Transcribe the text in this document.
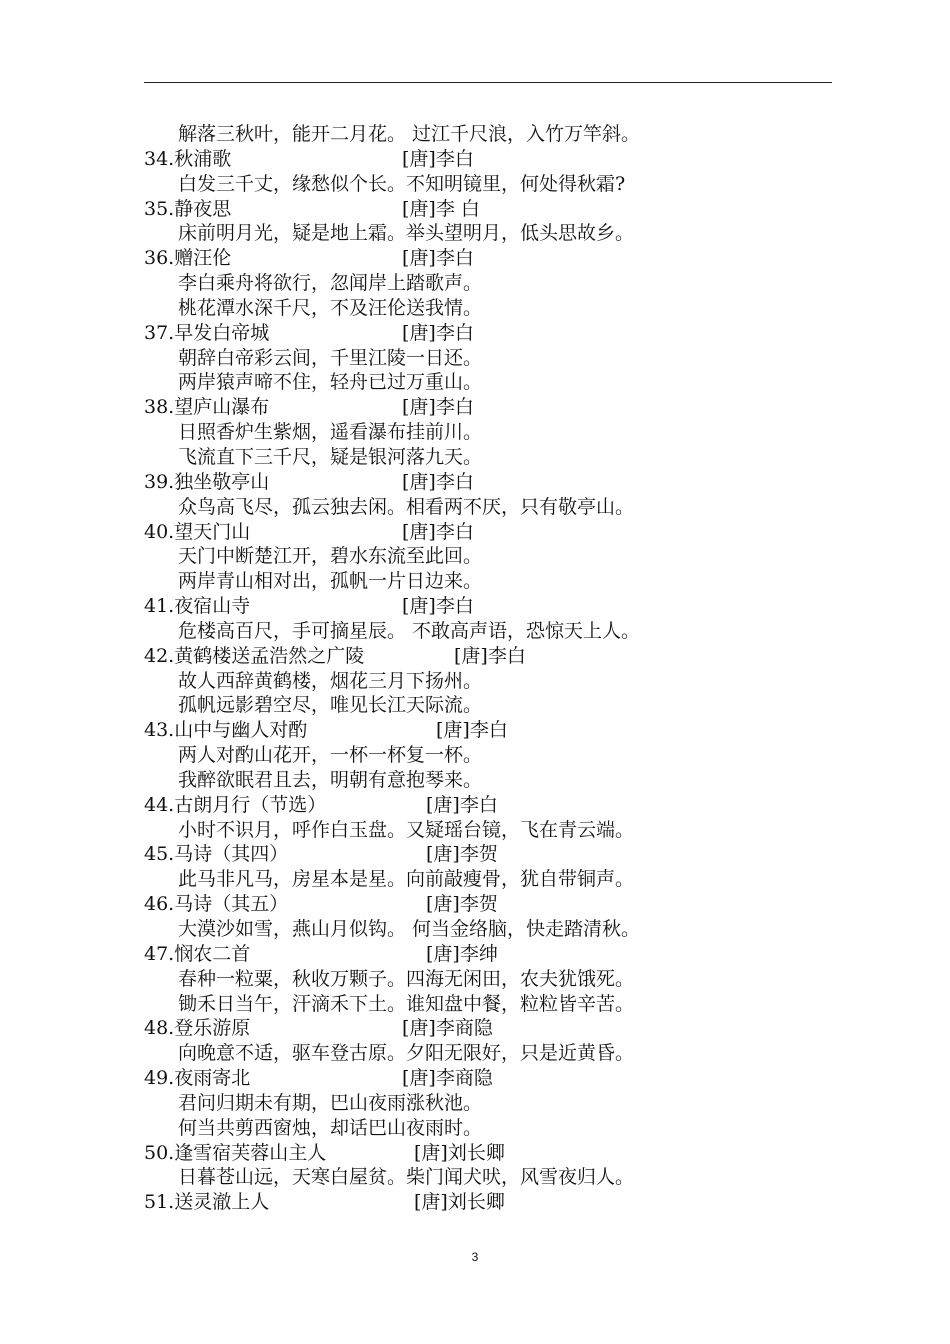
解落三秋叶，能开二月花。 过江千尺浪，入竹万竿斜。
34. 秋浦歌	[唐]李白
白发三千丈，缘愁似个长。不知明镜里，何处得秋霜?
35. 静夜思	[唐]李 白
床前明月光，疑是地上霜。举头望明月，低头思故乡。
36. 赠汪伦	[唐]李白
李白乘舟将欲行，忽闻岸上踏歌声。
桃花潭水深千尺，不及汪伦送我情。
37. 早发白帝城	[唐]李白
朝辞白帝彩云间，千里江陵一日还。
两岸猿声啼不住，轻舟已过万重山。
38. 望庐山瀑布	[唐]李白
日照香炉生紫烟，遥看瀑布挂前川。
飞流直下三千尺，疑是银河落九天。
39. 独坐敬亭山	[唐]李白
众鸟高飞尽，孤云独去闲。相看两不厌，只有敬亭山。
40. 望天门山	[唐]李白
天门中断楚江开，碧水东流至此回。
两岸青山相对出，孤帆一片日边来。
41. 夜宿山寺	[唐]李白
危楼高百尺，手可摘星辰。 不敢高声语，恐惊天上人。
42. 黄鹤楼送孟浩然之广陵	[唐]李白
故人西辞黄鹤楼，烟花三月下扬州。
孤帆远影碧空尽，唯见长江天际流。
43. 山中与幽人对酌	[唐]李白
两人对酌山花开，一杯一杯复一杯。
我醉欲眠君且去，明朝有意抱琴来。
44. 古朗月行（节选）	[唐]李白
小时不识月，呼作白玉盘。又疑瑶台镜，飞在青云端。
45. 马诗（其四）	[唐]李贺
此马非凡马，房星本是星。向前敲瘦骨，犹自带铜声。
46. 马诗（其五）	[唐]李贺
大漠沙如雪，燕山月似钩。 何当金络脑，快走踏清秋。
47. 悯农二首	[唐]李绅
春种一粒粟，秋收万颗子。四海无闲田，农夫犹饿死。
锄禾日当午，汗滴禾下土。谁知盘中餐，粒粒皆辛苦。
48. 登乐游原	[唐]李商隐
向晚意不适，驱车登古原。夕阳无限好，只是近黄昏。
49. 夜雨寄北	[唐]李商隐
君问归期未有期，巴山夜雨涨秋池。
何当共剪西窗烛，却话巴山夜雨时。
50. 逢雪宿芙蓉山主人	[唐]刘长卿
日暮苍山远，天寒白屋贫。柴门闻犬吠，风雪夜归人。
51. 送灵澈上人	[唐]刘长卿
3
